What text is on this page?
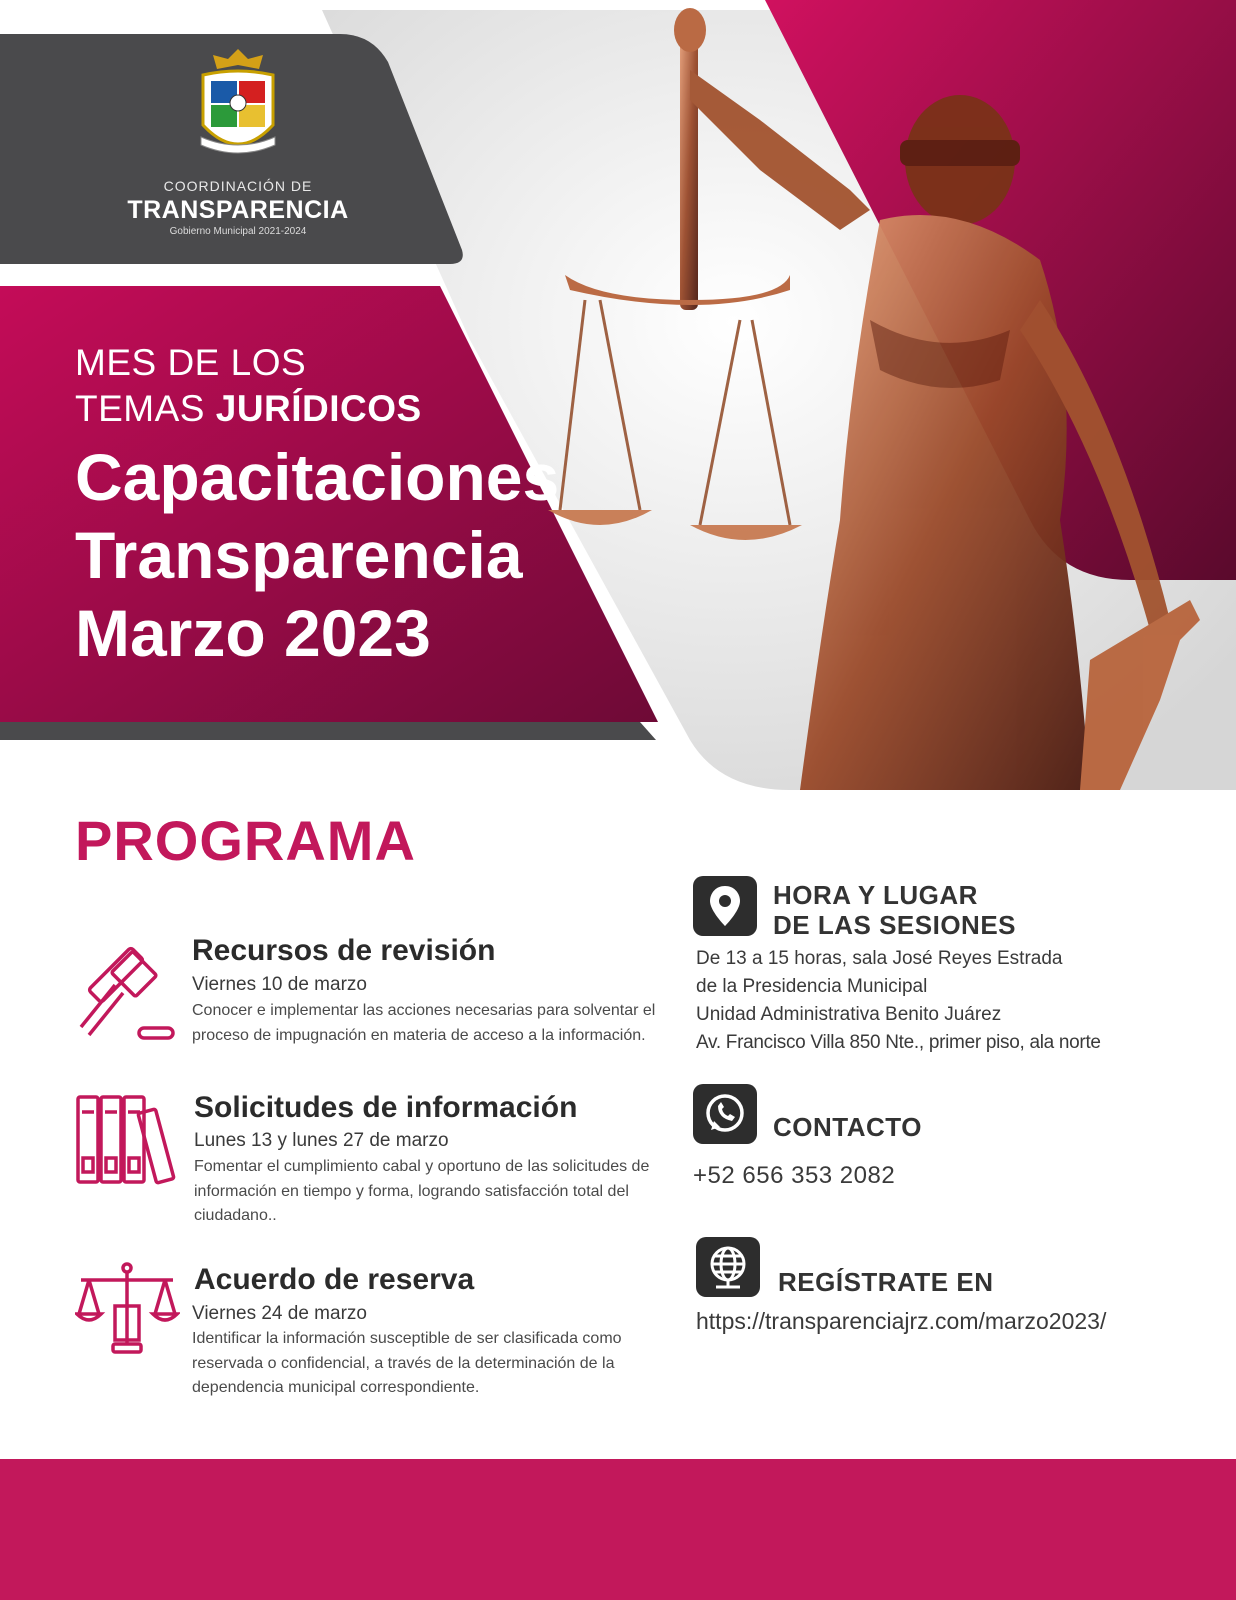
COORDINACIÓN DE
TRANSPARENCIA
Gobierno Municipal 2021-2024
MES DE LOS
TEMAS JURÍDICOS
Capacitaciones
Transparencia
Marzo 2023
PROGRAMA
Recursos de revisión
Viernes 10 de marzo
Conocer e implementar las acciones necesarias para solventar el proceso de impugnación en materia de acceso a la información.
Solicitudes de información
Lunes 13 y lunes 27 de marzo
Fomentar el cumplimiento cabal y oportuno de las solicitudes de información en tiempo y forma, logrando satisfacción total del ciudadano..
Acuerdo de reserva
Viernes 24 de marzo
Identificar la información susceptible de ser clasificada como reservada o confidencial, a través de la determinación de la dependencia municipal correspondiente.
HORA Y LUGAR
DE LAS SESIONES
De 13 a 15 horas, sala José Reyes Estrada
de la Presidencia Municipal
Unidad Administrativa Benito Juárez
Av. Francisco Villa 850 Nte., primer piso, ala norte
CONTACTO
+52 656 353 2082
REGÍSTRATE EN
https://transparenciajrz.com/marzo2023/
